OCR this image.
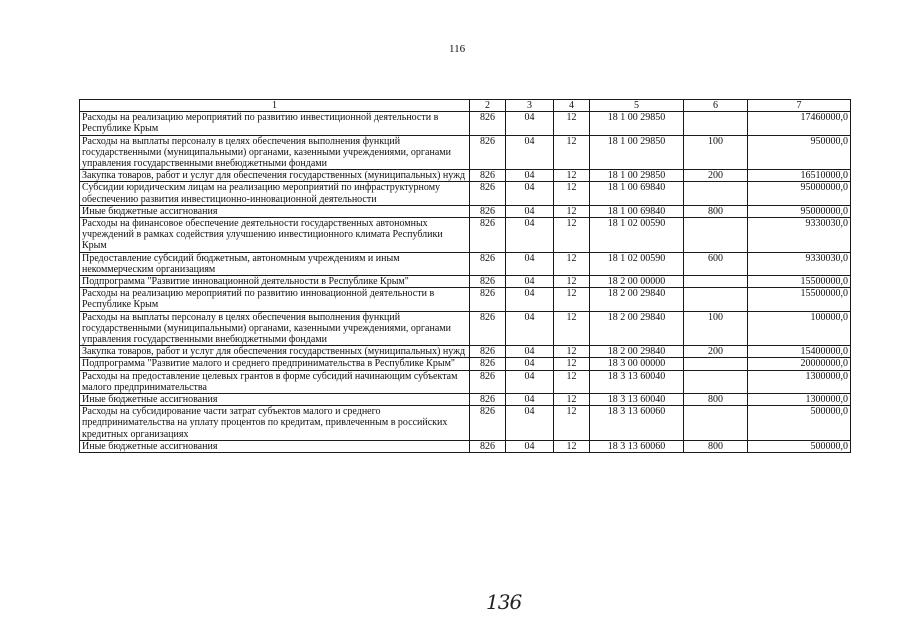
116
1	2	3	4	5	6	7
Расходы на реализацию мероприятий по развитию инвестиционной деятельности в Республике Крым	826	04	12	18 1 00 29850		17460000,0
Расходы на выплаты персоналу в целях обеспечения выполнения функций государственными (муниципальными) органами, казенными учреждениями, органами управления государственными внебюджетными фондами	826	04	12	18 1 00 29850	100	950000,0
Закупка товаров, работ и услуг для обеспечения государственных (муниципальных) нужд	826	04	12	18 1 00 29850	200	16510000,0
Субсидии юридическим лицам на реализацию мероприятий по инфраструктурному обеспечению развития инвестиционно-инновационной деятельности	826	04	12	18 1 00 69840		95000000,0
Иные бюджетные ассигнования	826	04	12	18 1 00 69840	800	95000000,0
Расходы на финансовое обеспечение деятельности государственных автономных учреждений в рамках содействия улучшению инвестиционного климата Республики Крым	826	04	12	18 1 02 00590		9330030,0
Предоставление субсидий бюджетным, автономным учреждениям и иным некоммерческим организациям	826	04	12	18 1 02 00590	600	9330030,0
Подпрограмма "Развитие инновационной деятельности в Республике Крым"	826	04	12	18 2 00 00000		15500000,0
Расходы на реализацию мероприятий по развитию инновационной деятельности в Республике Крым	826	04	12	18 2 00 29840		15500000,0
Расходы на выплаты персоналу в целях обеспечения выполнения функций государственными (муниципальными) органами, казенными учреждениями, органами управления государственными внебюджетными фондами	826	04	12	18 2 00 29840	100	100000,0
Закупка товаров, работ и услуг для обеспечения государственных (муниципальных) нужд	826	04	12	18 2 00 29840	200	15400000,0
Подпрограмма "Развитие малого и среднего предпринимательства в Республике Крым"	826	04	12	18 3 00 00000		20000000,0
Расходы на предоставление целевых грантов в форме субсидий начинающим субъектам малого предпринимательства	826	04	12	18 3 13 60040		1300000,0
Иные бюджетные ассигнования	826	04	12	18 3 13 60040	800	1300000,0
Расходы на субсидирование части затрат субъектов малого и среднего предпринимательства на уплату процентов по кредитам, привлеченным в российских кредитных организациях	826	04	12	18 3 13 60060		500000,0
Иные бюджетные ассигнования	826	04	12	18 3 13 60060	800	500000,0
136
